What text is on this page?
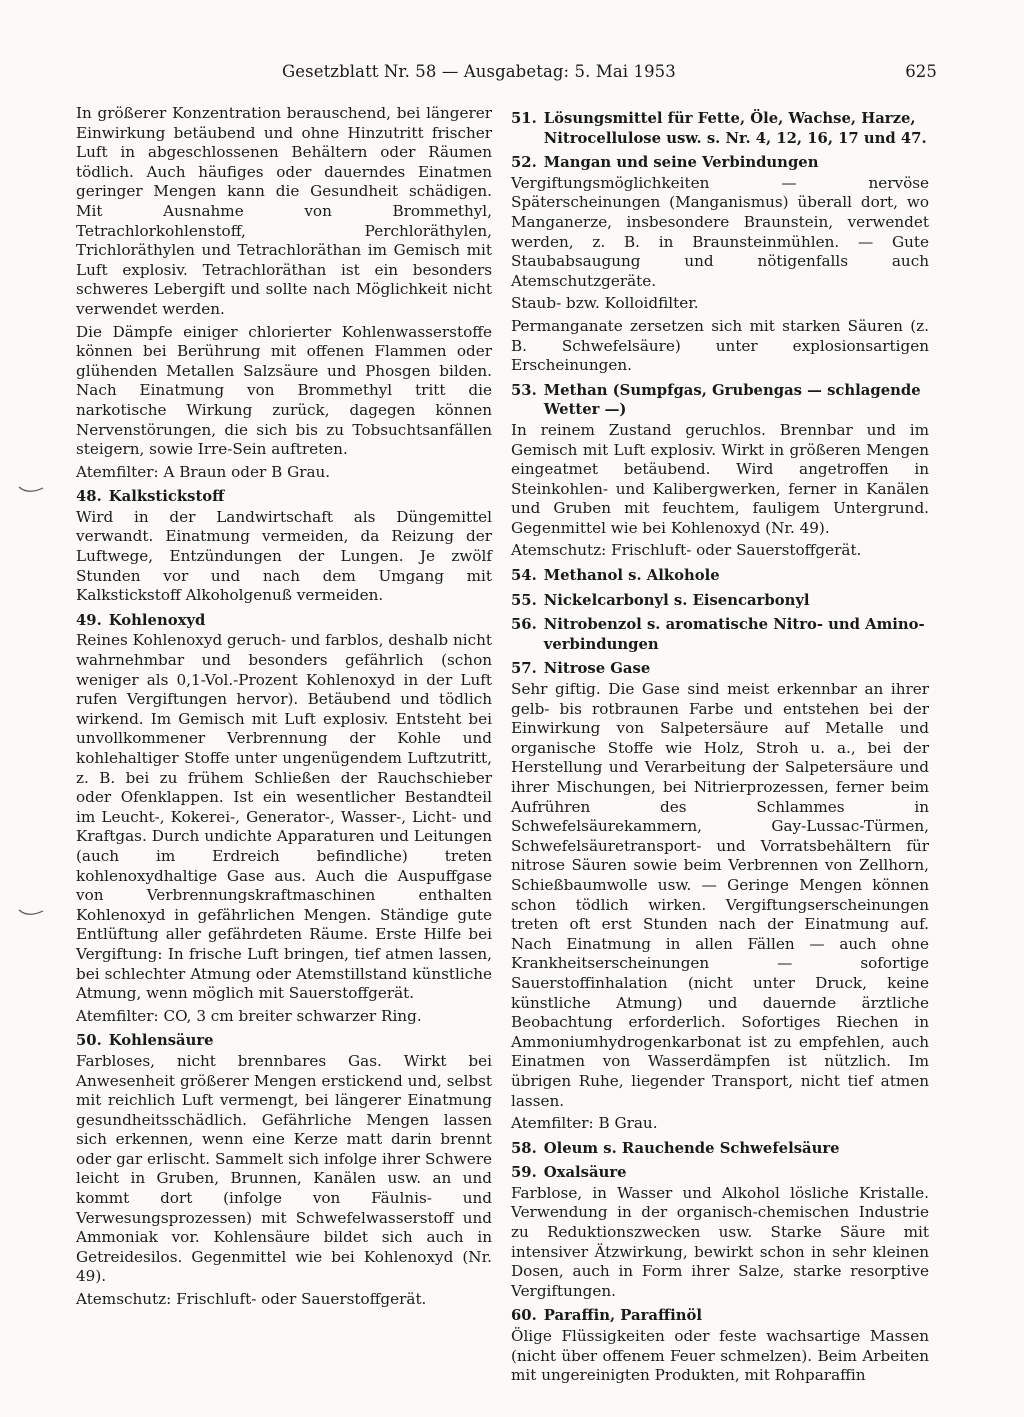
Gesetzblatt Nr. 58 — Ausgabetag: 5. Mai 1953	625

In größerer Konzentration berauschend, bei längerer Einwirkung betäubend und ohne Hinzutritt frischer Luft in abgeschlossenen Behältern oder Räumen tödlich. Auch häufiges oder dauerndes Einatmen geringer Mengen kann die Gesundheit schädigen. Mit Ausnahme von Brommethyl, Tetrachlorkohlenstoff, Perchloräthylen, Trichloräthylen und Tetrachloräthan im Gemisch mit Luft explosiv. Tetrachloräthan ist ein besonders schweres Lebergift und sollte nach Möglichkeit nicht verwendet werden.

Die Dämpfe einiger chlorierter Kohlenwasserstoffe können bei Berührung mit offenen Flammen oder glühenden Metallen Salzsäure und Phosgen bilden. Nach Einatmung von Brommethyl tritt die narkotische Wirkung zurück, dagegen können Nervenstörungen, die sich bis zu Tobsuchtsanfällen steigern, sowie Irre-Sein auftreten.

Atemfilter: A Braun oder B Grau.

48. Kalkstickstoff

Wird in der Landwirtschaft als Düngemittel verwandt. Einatmung vermeiden, da Reizung der Luftwege, Entzündungen der Lungen. Je zwölf Stunden vor und nach dem Umgang mit Kalkstickstoff Alkoholgenuß vermeiden.

49. Kohlenoxyd

Reines Kohlenoxyd geruch- und farblos, deshalb nicht wahrnehmbar und besonders gefährlich (schon weniger als 0,1-Vol.-Prozent Kohlenoxyd in der Luft rufen Vergiftungen hervor). Betäubend und tödlich wirkend. Im Gemisch mit Luft explosiv. Entsteht bei unvollkommener Verbrennung der Kohle und kohlehaltiger Stoffe unter ungenügendem Luftzutritt, z. B. bei zu frühem Schließen der Rauchschieber oder Ofenklappen. Ist ein wesentlicher Bestandteil im Leucht-, Kokerei-, Generator-, Wasser-, Licht- und Kraftgas. Durch undichte Apparaturen und Leitungen (auch im Erdreich befindliche) treten kohlenoxydhaltige Gase aus. Auch die Auspuffgase von Verbrennungskraftmaschinen enthalten Kohlenoxyd in gefährlichen Mengen. Ständige gute Entlüftung aller gefährdeten Räume. Erste Hilfe bei Vergiftung: In frische Luft bringen, tief atmen lassen, bei schlechter Atmung oder Atemstillstand künstliche Atmung, wenn möglich mit Sauerstoffgerät.

Atemfilter: CO, 3 cm breiter schwarzer Ring.

50. Kohlensäure

Farbloses, nicht brennbares Gas. Wirkt bei Anwesenheit größerer Mengen erstickend und, selbst mit reichlich Luft vermengt, bei längerer Einatmung gesundheitsschädlich. Gefährliche Mengen lassen sich erkennen, wenn eine Kerze matt darin brennt oder gar erlischt. Sammelt sich infolge ihrer Schwere leicht in Gruben, Brunnen, Kanälen usw. an und kommt dort (infolge von Fäulnis- und Verwesungsprozessen) mit Schwefelwasserstoff und Ammoniak vor. Kohlensäure bildet sich auch in Getreidesilos. Gegenmittel wie bei Kohlenoxyd (Nr. 49).

Atemschutz: Frischluft- oder Sauerstoffgerät.

51. Lösungsmittel für Fette, Öle, Wachse, Harze, Nitrocellulose usw. s. Nr. 4, 12, 16, 17 und 47.
52. Mangan und seine Verbindungen

Vergiftungsmöglichkeiten — nervöse Späterscheinungen (Manganismus) überall dort, wo Manganerze, insbesondere Braunstein, verwendet werden, z. B. in Braunsteinmühlen. — Gute Staubabsaugung und nötigenfalls auch Atemschutzgeräte.

Staub- bzw. Kolloidfilter.

Permanganate zersetzen sich mit starken Säuren (z. B. Schwefelsäure) unter explosionsartigen Erscheinungen.

53. Methan (Sumpfgas, Grubengas — schlagende
Wetter —)

In reinem Zustand geruchlos. Brennbar und im Gemisch mit Luft explosiv. Wirkt in größeren Mengen eingeatmet betäubend. Wird angetroffen in Steinkohlen- und Kalibergwerken, ferner in Kanälen und Gruben mit feuchtem, fauligem Untergrund. Gegenmittel wie bei Kohlenoxyd (Nr. 49).

Atemschutz: Frischluft- oder Sauerstoffgerät.

54. Methanol s. Alkohole
55. Nickelcarbonyl s. Eisencarbonyl
56. Nitrobenzol s. aromatische Nitro- und Amino-
verbindungen
57. Nitrose Gase

Sehr giftig. Die Gase sind meist erkennbar an ihrer gelb- bis rotbraunen Farbe und entstehen bei der Einwirkung von Salpetersäure auf Metalle und organische Stoffe wie Holz, Stroh u. a., bei der Herstellung und Verarbeitung der Salpetersäure und ihrer Mischungen, bei Nitrierprozessen, ferner beim Aufrühren des Schlammes in Schwefelsäurekammern, Gay-Lussac-Türmen, Schwefelsäuretransport- und Vorratsbehältern für nitrose Säuren sowie beim Verbrennen von Zellhorn, Schießbaumwolle usw. — Geringe Mengen können schon tödlich wirken. Vergiftungserscheinungen treten oft erst Stunden nach der Einatmung auf. Nach Einatmung in allen Fällen — auch ohne Krankheitserscheinungen — sofortige Sauerstoffinhalation (nicht unter Druck, keine künstliche Atmung) und dauernde ärztliche Beobachtung erforderlich. Sofortiges Riechen in Ammoniumhydrogenkarbonat ist zu empfehlen, auch Einatmen von Wasserdämpfen ist nützlich. Im übrigen Ruhe, liegender Transport, nicht tief atmen lassen.

Atemfilter: B Grau.

58. Oleum s. Rauchende Schwefelsäure
59. Oxalsäure

Farblose, in Wasser und Alkohol lösliche Kristalle. Verwendung in der organisch-chemischen Industrie zu Reduktionszwecken usw. Starke Säure mit intensiver Ätzwirkung, bewirkt schon in sehr kleinen Dosen, auch in Form ihrer Salze, starke resorptive Vergiftungen.

60. Paraffin, Paraffinöl

Ölige Flüssigkeiten oder feste wachsartige Massen (nicht über offenem Feuer schmelzen). Beim Arbeiten mit ungereinigten Produkten, mit Rohparaffin
